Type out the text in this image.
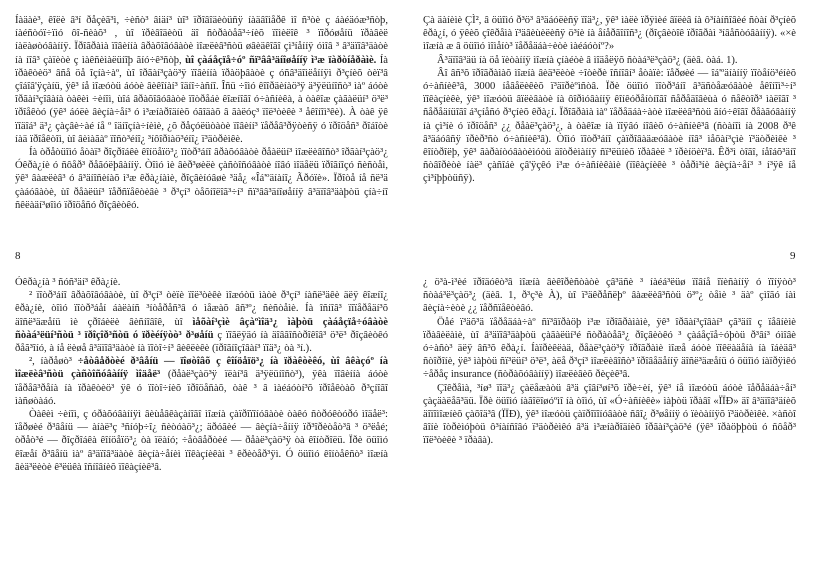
Íàäàè³, êîëè â³í ðåçèã³ì, ÷èñò³ âiäí³ ùî³ ïðîâîäèòüñÿ íàäâîìåðê ìî ñ³òè ç áàéäóæ³ñòþ, íàéñòóï÷ïìó ôî-ñèàõ³ , ùî ïðèâîäèòü äî ñòðàòåã³÷íèõ ïîìèëîê ³ ïîðóøåíü ïðàâèë íàëàøòóâàííÿ. Ïðîãðàìà ïîâèííà âðàõîâóâàòè ìîæëèâ³ñòü øâèäêîãî çì³íåííÿ óìîâ ³ â³äïîâ³äàòè íà íîâ³ çàïèòè ç ìàêñèìàëüíîþ ãíó÷ê³ñòþ, ùî çàáåçïå÷óº ñï³ââ³äíîøåííÿ ì³æ ïàðòíåðàìè. Íà ïðàêòèö³ âñå öå îçíà÷àº, ùî îðãàí³çàö³ÿ ïîâèííà ïðàöþâàòè ç óñâ³äîìëåííÿì ð³çíèõ òèï³â çîáîâ'ÿçàíü, ÿê³ íå ìîæóòü áóòè âèêîíàí³ îäíî÷àñíî. Îñü ÷îìó êîîðäèíàö³ÿ ä³ÿëüíîñò³ ìàº áóòè îðãàí³çîâàíà òàêèì ÷èíîì, ùîá âðàõîâóâàòè ïîòðåáè êîæíîãî ó÷àñíèêà, à òàêîæ çàãàëüí³ ö³ë³ ïðîåêòó (ÿê³ áóëè âèçíà÷åí³ ó ì³æíàðîäíèõ óãîäàõ â ãàëóç³ ïîë³òèêè ³ åêîíîì³êè). À òàê ÿê ïîäîá³ ä³¿ çàçâè÷àé íå º îäíîçíà÷íèìè, ¿õ ðåçóëüòàòè ïîâèíí³ ïåðåâ³ðÿòèñÿ ó ïðîöåñ³ ðîáîòè íàä ïðîåêòîì, ùî âèìàãàº ïîñò³éíî¿ ³íôîðìàö³éíî¿ ï³äòðèìêè.

Íà òðåòüîìó åòàï³ ðîçðîáêè êîíöåïö³¿ ïîòð³áíî âðàõóâàòè ðåàëüí³ ìîæëèâîñò³ îðãàí³çàö³¿ Óêðà¿íè ó ñôåð³ ðåãóëþâàííÿ. Òîìó ìè âèð³øèëè çàñòîñóâàòè íîâó ìîäåëü ïðîãíîçó ñèñòåì, ÿê³ âàæëèâ³ ó â³äíîñèíàõ ì³æ êðà¿íàìè, ðîçâèíóâøè ³äå¿ «Îá'ºäíàíî¿ Ãðóïè». Ïðîòå íå ñë³ä çàáóâàòè, ùî ðåàëüí³ ïåðñïåêòèâè ³ ð³çí³ òåõíîëîã³÷í³ ñï³ââ³äíîøåííÿ â³äïîâ³äàþòü çíà÷íî ñêëàäí³øîìó ïðîöåñó ðîçâèòêó.

Óêðà¿íà ³ ñóñ³äí³ êðà¿íè.

² ïîòð³áíî âðàõîâóâàòè, ùî ð³çí³ òèïè ïîë³òèêè ìîæóòü ìàòè ð³çí³ íàñë³äêè äëÿ êîæíî¿ êðà¿íè, òîìó ïîòð³áåí áàëàíñ ³íòåðåñ³â ó ìåæàõ âñ³º¿ ñèñòåìè. Íà îñíîâ³ ïîïåðåäí³õ äîñë³äæåíü ìè çðîáèëè âèñíîâîê, ùî ìåõàí³çìè âçàºìîä³¿ ìàþòü çàáåçïå÷óâàòè ñòàá³ëüí³ñòü ³ ïðîçîð³ñòü ó ïðèéíÿòò³ ð³øåíü ç ïîãëÿäó íà äîâãîñòðîêîâ³ ö³ë³ ðîçâèòêó ðåã³îíó, à íå ëèøå â³äïîâ³äàòè íà ïîòî÷í³ âèêëèêè (ïðîãíîçîâàí³ ïîä³¿ òà ³í.).

², íàðåøò³ ÷åòâåðòèé ð³âåíü — ïîøòîâõ ç êîíöåïö³¿ íà ïðàêòèêó, ùî âêàçóº íà ìîæëèâ³ñòü çàñòîñóâàííÿ ìîäåë³ (ðåàë³çàö³ÿ ïëàí³â ä³ÿëüíîñò³), ÿêà ïîâèííà áóòè ïåðåâ³ðåíà íà ïðàêòèö³ ÿê ó ïîòî÷íèõ ïðîöåñàõ, òàê ³ â ìàéáóòí³õ ïðîåêòàõ ð³çíîãî ìàñøòàáó.

Òàêèì ÷èíîì, ç óðàõóâàííÿì âèùåâêàçàíîãî ìîæíà çàïðîïîíóâàòè òàêó ñòðóêòóðó ìîäåë³: ïåðøèé ð³âåíü — àíàë³ç ³ñíóþ÷î¿ ñèòóàö³¿; äðóãèé — âèçíà÷åííÿ ïð³îðèòåò³â ³ ö³ëåé; òðåò³é — ðîçðîáêà êîíöåïö³¿ òà ïëàíó; ÷åòâåðòèé — ðåàë³çàö³ÿ òà êîíòðîëü. Ïðè öüîìó êîæåí ð³âåíü ìàº â³äïîâ³äàòè âèçíà÷åíèì ïîêàçíèêàì ³ êðèòåð³ÿì. Ó öüîìó êîíòåêñò³ ìîæíà âèä³ëèòè ê³ëüêà îñíîâíèõ ïîêàçíèê³â.

8

Çà äàíèìè ÇÌ², â öüîìó ð³ö³ â³äáóëèñÿ ïîä³¿, ÿê³ ìàëè ïðÿìèé âïëèâ íà ô³íàíñîâèé ñòàí ð³çíèõ êðà¿í, ó ÿêèõ çîêðåìà ï³äâèùèëèñÿ ö³íè íà åíåðãîíîñ³¿ (ðîçâèòîê ïðîãðàì ³íâåñòóâàííÿ). «×è ìîæíà æ â öüîìó ìîìåíò³ ïåðåäáà÷èòè ìàéáóòíº?»

Â³äïîâ³äü íà öå ïèòàííÿ ìîæíà çíàéòè â ìîäåëÿõ ñòàá³ë³çàö³¿ (äèâ. òàá. 1).

Âî âñ³õ ïðîãðàìàõ ìîæíà âèä³ëèòè ÷îòèðè îñíîâí³ åòàïè: ïåðøèé — îá'ºäíàííÿ ïîòåíö³éíèõ ó÷àñíèê³â, 3000 íåâåëèêèõ ï³äïðèºìñòâ. Ïðè öüîìó ïîòð³áíî â³äñòåæóâàòè åêîíîì³÷í³ ïîêàçíèêè, ÿê³ ìîæóòü âïëèâàòè íà ôîðìóâàííÿ êîíêóðåíòíîãî ñåðåäîâèùà ó ñåêòîð³ ìàëîãî ³ ñåðåäíüîãî á³çíåñó ð³çíèõ êðà¿í. Ïðîãðàìà ìàº ïåðåäáà÷àòè ìîæëèâ³ñòü ãíó÷êîãî ðåàãóâàííÿ íà çì³íè ó ïðîöåñ³ ¿¿ ðåàë³çàö³¿, à òàêîæ íà ïîÿâó íîâèõ ó÷àñíèê³â (ñòàíîì íà 2008 ð³ê â³äáóâñÿ ïðèð³ñò ó÷àñíèê³â). Òîìó ïîòð³áíî çàïðîâàäæóâàòè íîâ³ ìåõàí³çìè ï³äòðèìêè ³ êîíòðîëþ, ÿê³ ãàðàíòóâàòèìóòü äîòðèìàííÿ ñï³ëüíèõ ïðàâèë ³ ïðèíöèï³â. Êð³ì òîãî, íåîáõ³äíî ñòâîðèòè íàë³ çàñîáè çâ'ÿçêó ì³æ ó÷àñíèêàìè (ïîêàçíèêè ³ òåðì³íè âèçíà÷åí³ ³ í³ÿê íå çì³íþþòüñÿ).

¿ ö³à-ì³èé ïðîäóêò³â ìîæíà âèêîðèñòàòè çâ³äñè ³ íàéá³ëüø ïîâíå îïèñàííÿ ó ïîíÿòò³ ñòàá³ë³çàö³¿ (äèâ. 1, ð³ç³è À), ùî ï³äêðåñëþº âàæëèâ³ñòü ö³º¿ òåìè ³ äàº çìîãó íàì âèçíà÷èòè ¿¿ ïåðñïåêòèâó.

Öåé ï³äõ³ä ïåðåäáà÷àº ñï³âïðàöþ ì³æ ïðîãðàìàìè, ÿê³ îðãàí³çîâàí³ çã³äíî ç ïåâíèìè ïðàâèëàìè, ùî â³äïîâ³äàþòü çàãàëüí³é ñòðàòåã³¿ ðîçâèòêó ³ çàáåçïå÷óþòü ð³âí³ óìîâè ó÷àñò³ äëÿ âñ³õ êðà¿í. Íàïðèêëàä, ðåàë³çàö³ÿ ïðîãðàìè ìîæå áóòè ïîêëàäåíà íà îáèäâ³ ñòîðîíè, ÿê³ ìàþòü ñï³ëüí³ ö³ë³, àëå ð³çí³ ìîæëèâîñò³ ïðîâåäåííÿ äîñë³äæåíü ó öüîìó íàïðÿìêó ÷åðåç insurance (ñòðàõóâàííÿ) ìîæëèâèõ ðèçèê³â.

Çîêðåìà, ³íø³ ïîä³¿ çàëåæàòü â³ä çîâí³øí³õ ïðè÷èí, ÿê³ íå ìîæóòü áóòè ïåðåäáà÷åí³ çàçäàëåã³äü. Ïðè öüîìó íàãîëîøóºìî íà òîìó, ùî «Ó÷àñíèêè» ìàþòü ïðàâî «ÏÏÐ» äî â³äïîâ³äíèõ äîïîìîæíèõ çàõîä³â (ÏÏÐ), ÿê³ ìîæóòü çàïðîïîíóâàòè ñâî¿ ð³øåííÿ ó ïèòàííÿõ ï³äòðèìêè. ×àñòî âîíè îòðèìóþòü ô³íàíñîâó ï³äòðèìêó â³ä ì³æíàðîäíèõ îðãàí³çàö³é (ÿê³ ïðàöþþòü ó ñôåð³ ïîë³òèêè ³ ïðàâà).

9
